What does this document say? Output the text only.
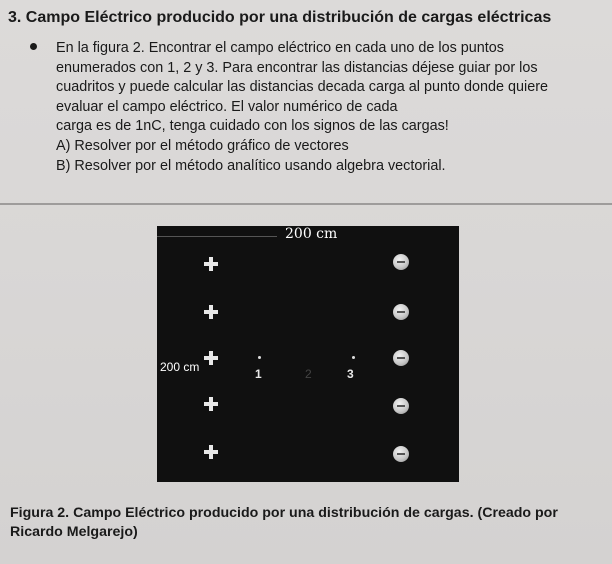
3. Campo Eléctrico producido por una distribución de cargas eléctricas
En la figura 2. Encontrar el campo eléctrico en cada uno de los puntos
enumerados con 1, 2 y 3. Para encontrar las distancias déjese guiar por los
cuadritos y puede calcular las distancias decada carga al punto donde quiere
evaluar el campo eléctrico. El valor numérico de cada
carga es de 1nC, tenga cuidado con los signos de las cargas!
A) Resolver por el método gráfico de vectores
B) Resolver por el método analítico usando algebra vectorial.
200 cm
200 cm	1	2	3
Figura 2. Campo Eléctrico producido por una distribución de cargas. (Creado por Ricardo Melgarejo)
